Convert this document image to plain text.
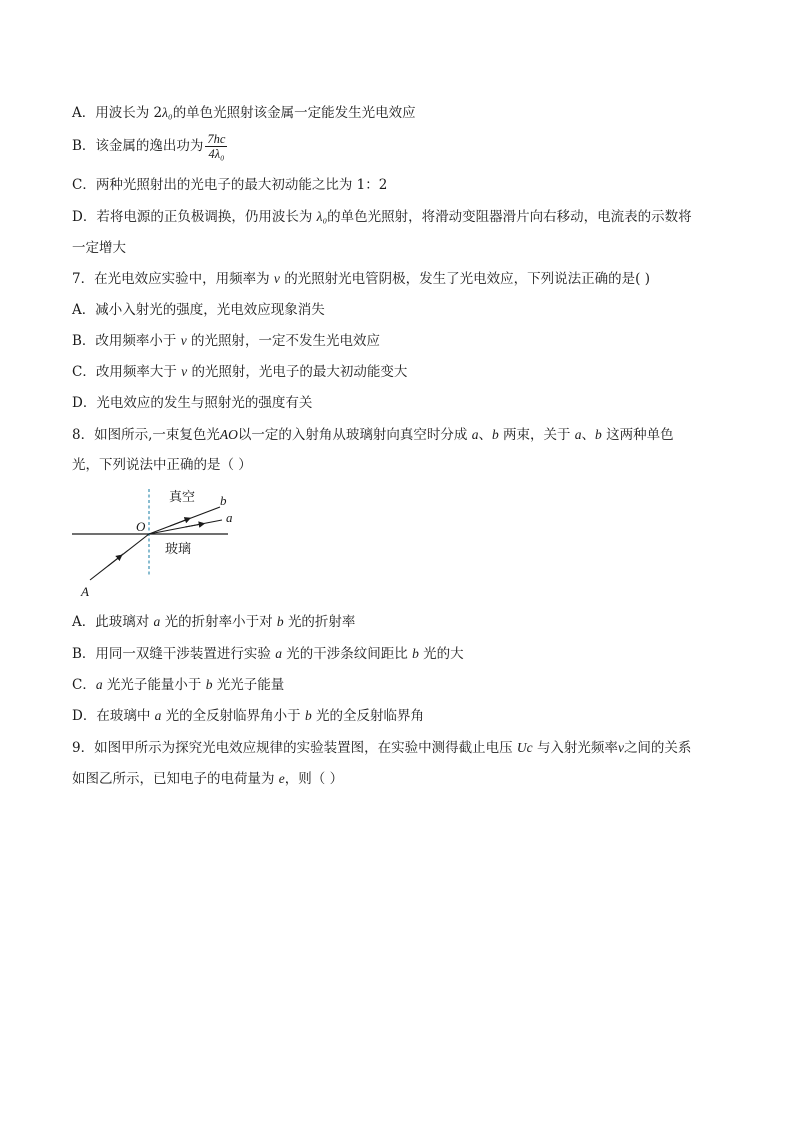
A．用波长为 2λ₀的单色光照射该金属一定能发生光电效应
B．该金属的逸出功为 $\frac{7hc}{\text{4λ₀}}$
C．两种光照射出的光电子的最大初动能之比为 1：2
D．若将电源的正负极调换，仍用波长为 λ₀的单色光照射，将滑动变阻器滑片向右移动，电流表的示数将
一定增大
7．在光电效应实验中，用频率为 ν 的光照射光电管阴极，发生了光电效应，下列说法正确的是( )
A．减小入射光的强度，光电效应现象消失
B．改用频率小于 ν 的光照射，一定不发生光电效应
C．改用频率大于 ν 的光照射，光电子的最大初动能变大
D．光电效应的发生与照射光的强度有关
8．如图所示,一束复色光AO以一定的入射角从玻璃射向真空时分成 a、b 两束，关于 a、b 这两种单色
光，下列说法中正确的是（ ）
真空
玻璃
O
A
b
a
A．此玻璃对 a 光的折射率小于对 b 光的折射率
B．用同一双缝干涉装置进行实验 a 光的干涉条纹间距比 b 光的大
C．a 光光子能量小于 b 光光子能量
D．在玻璃中 a 光的全反射临界角小于 b 光的全反射临界角
9．如图甲所示为探究光电效应规律的实验装置图，在实验中测得截止电压 Uc 与入射光频率ν之间的关系
如图乙所示，已知电子的电荷量为 e，则（ ）
